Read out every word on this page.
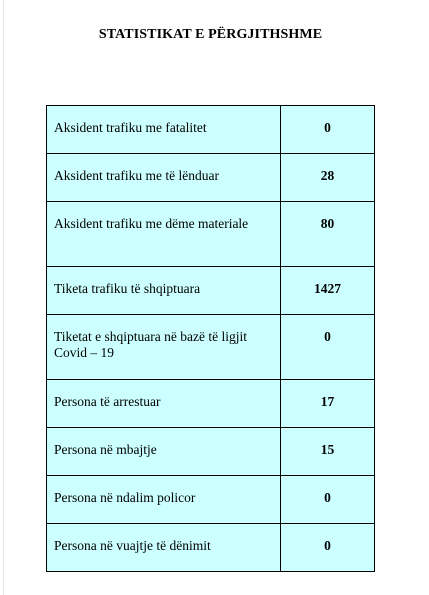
STATISTIKAT E PËRGJITHSHME
Aksident trafiku me fatalitet	0
Aksident trafiku me të lënduar	28
Aksident trafiku me dëme materiale	80
Tiketa trafiku të shqiptuara	1427
Tiketat e shqiptuara në bazë të ligjit Covid – 19	0
Persona të arrestuar	17
Persona në mbajtje	15
Persona në ndalim policor	0
Persona në vuajtje të dënimit	0
